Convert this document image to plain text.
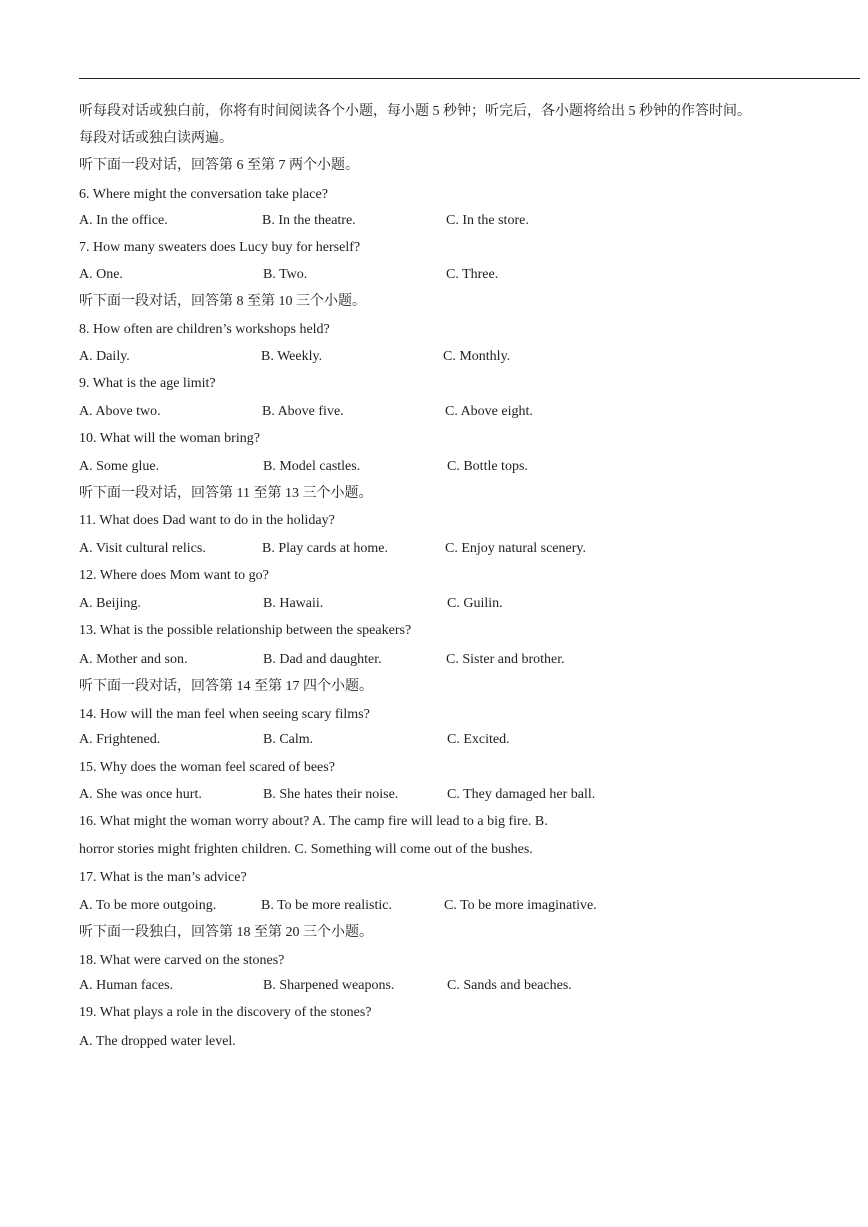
听每段对话或独白前，你将有时间阅读各个小题，每小题 5 秒钟；听完后，各小题将给出 5 秒钟的作答时间。
每段对话或独白读两遍。
听下面一段对话，回答第 6 至第 7 两个小题。
6. Where might the conversation take place?
A. In the office.	B. In the theatre.	C. In the store.
7. How many sweaters does Lucy buy for herself?
A. One.	B. Two.	C. Three.
听下面一段对话，回答第 8 至第 10 三个小题。
8. How often are children’s workshops held?
A. Daily.	B. Weekly.	C. Monthly.
9. What is the age limit?
A. Above two.	B. Above five.	C. Above eight.
10. What will the woman bring?
A. Some glue.	B. Model castles.	C. Bottle tops.
听下面一段对话，回答第 11 至第 13 三个小题。
11. What does Dad want to do in the holiday?
A. Visit cultural relics.	B. Play cards at home.	C. Enjoy natural scenery.
12. Where does Mom want to go?
A. Beijing.	B. Hawaii.	C. Guilin.
13. What is the possible relationship between the speakers?
A. Mother and son.	B. Dad and daughter.	C. Sister and brother.
听下面一段对话，回答第 14 至第 17 四个小题。
14. How will the man feel when seeing scary films?
A. Frightened.	B. Calm.	C. Excited.
15. Why does the woman feel scared of bees?
A. She was once hurt.	B. She hates their noise.	C. They damaged her ball.
16. What might the woman worry about? A. The camp fire will lead to a big fire. B.
horror stories might frighten children. C. Something will come out of the bushes.
17. What is the man’s advice?
A. To be more outgoing.	B. To be more realistic.	C. To be more imaginative.
听下面一段独白，回答第 18 至第 20 三个小题。
18. What were carved on the stones?
A. Human faces.	B. Sharpened weapons.	C. Sands and beaches.
19. What plays a role in the discovery of the stones?
A. The dropped water level.
